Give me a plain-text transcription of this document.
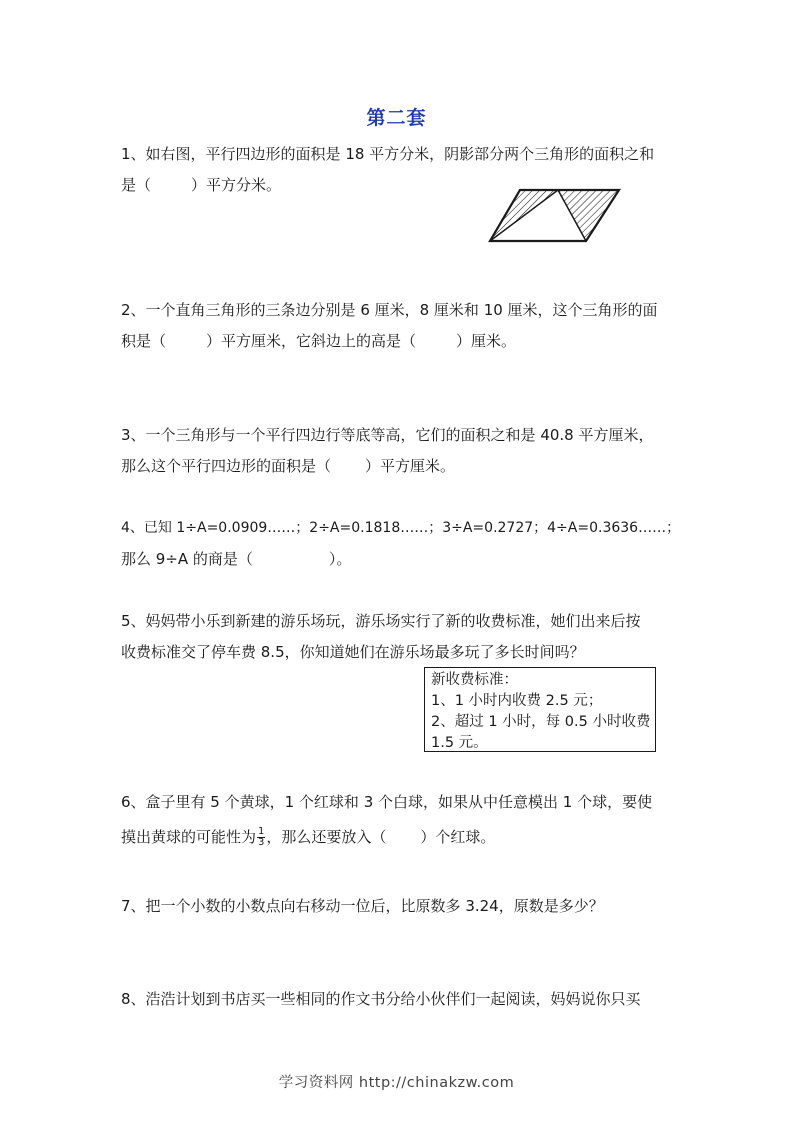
第二套
1、如右图，平行四边形的面积是 18 平方分米，阴影部分两个三角形的面积之和
是（	）平方分米。
2、一个直角三角形的三条边分别是 6 厘米，8 厘米和 10 厘米，这个三角形的面
积是（	）平方厘米，它斜边上的高是（	）厘米。
3、一个三角形与一个平行四边行等底等高，它们的面积之和是 40.8 平方厘米，
那么这个平行四边形的面积是（ ）平方厘米。
4、已知 1÷A=0.0909……；2÷A=0.1818……；3÷A=0.2727；4÷A=0.3636……；
那么 9÷A 的商是（	）。
5、妈妈带小乐到新建的游乐场玩，游乐场实行了新的收费标准，她们出来后按
收费标准交了停车费 8.5，你知道她们在游乐场最多玩了多长时间吗？
新收费标准：
1、1 小时内收费 2.5 元；
2、超过 1 小时，每 0.5 小时收费
1.5 元。
6、盒子里有 5 个黄球，1 个红球和 3 个白球，如果从中任意模出 1 个球，要使
摸出黄球的可能性为 $\frac{1}{3}$ ，那么还要放入（ ）个红球。
7、把一个小数的小数点向右移动一位后，比原数多 3.24，原数是多少？
8、浩浩计划到书店买一些相同的作文书分给小伙伴们一起阅读，妈妈说你只买
学习资料网 http://chinakzw.com
